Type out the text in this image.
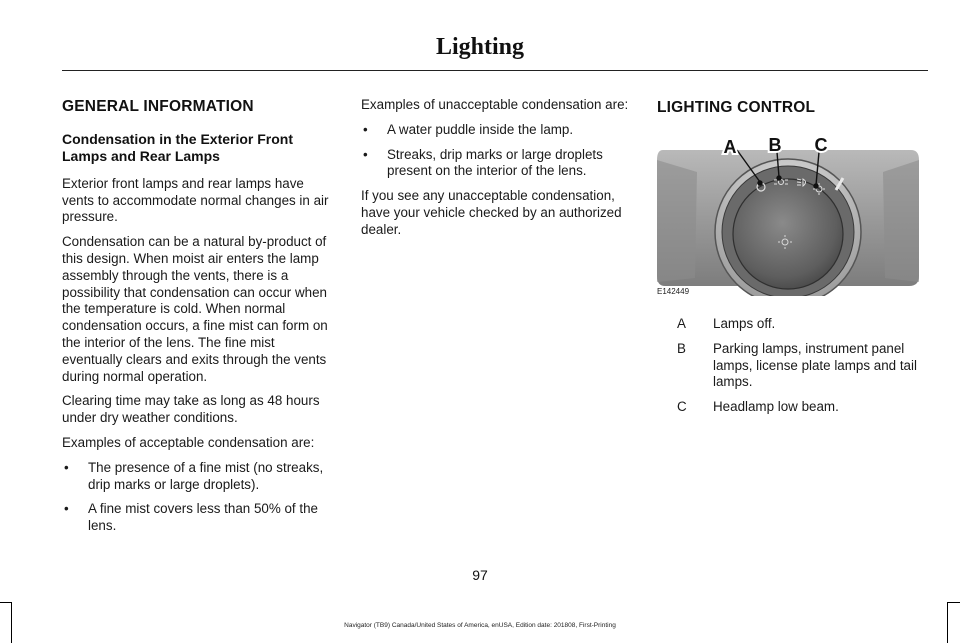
Lighting
GENERAL INFORMATION
Condensation in the Exterior Front Lamps and Rear Lamps

Exterior front lamps and rear lamps have vents to accommodate normal changes in air pressure.

Condensation can be a natural by-product of this design. When moist air enters the lamp assembly through the vents, there is a possibility that condensation can occur when the temperature is cold. When normal condensation occurs, a fine mist can form on the interior of the lens. The fine mist eventually clears and exits through the vents during normal operation.

Clearing time may take as long as 48 hours under dry weather conditions.

Examples of acceptable condensation are:

• The presence of a fine mist (no streaks, drip marks or large droplets).
• A fine mist covers less than 50% of the lens.

Examples of unacceptable condensation are:

• A water puddle inside the lamp.
• Streaks, drip marks or large droplets present on the interior of the lens.

If you see any unacceptable condensation, have your vehicle checked by an authorized dealer.

LIGHTING CONTROL
A B C
E142449
A	Lamps off.
B	Parking lamps, instrument panel lamps, license plate lamps and tail lamps.
C	Headlamp low beam.
97
Navigator (TB9) Canada/United States of America, enUSA, Edition date: 201808, First-Printing
